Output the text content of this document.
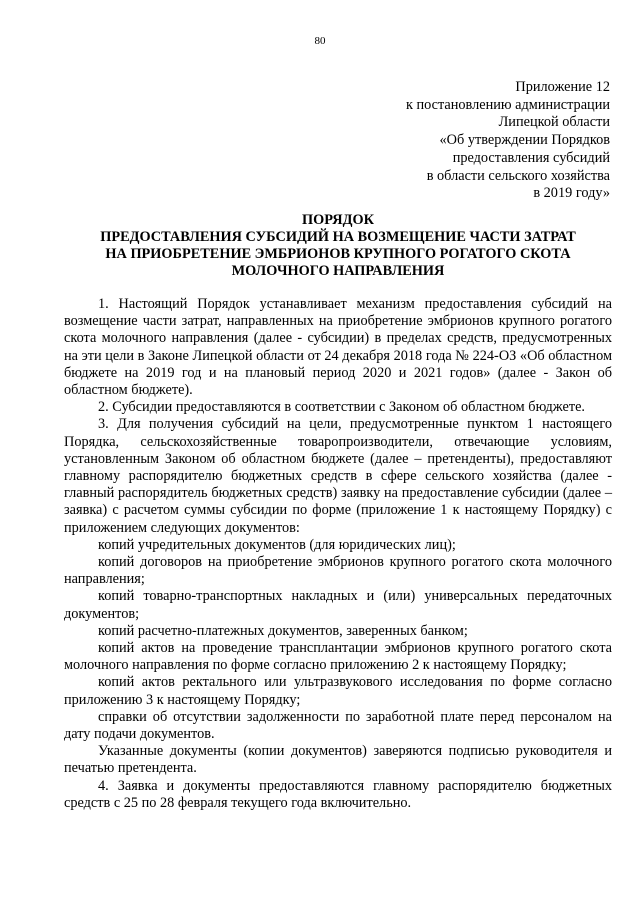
80
Приложение 12
к постановлению администрации
Липецкой области
«Об утверждении Порядков
предоставления субсидий
в области сельского хозяйства
в 2019 году»
ПОРЯДОК
ПРЕДОСТАВЛЕНИЯ СУБСИДИЙ НА ВОЗМЕЩЕНИЕ ЧАСТИ ЗАТРАТ
НА ПРИОБРЕТЕНИЕ ЭМБРИОНОВ КРУПНОГО РОГАТОГО СКОТА
МОЛОЧНОГО НАПРАВЛЕНИЯ

1. Настоящий Порядок устанавливает механизм предоставления субсидий на возмещение части затрат, направленных на приобретение эмбрионов крупного рогатого скота молочного направления (далее - субсидии) в пределах средств, предусмотренных на эти цели в Законе Липецкой области от 24 декабря 2018 года № 224-ОЗ «Об областном бюджете на 2019 год и на плановый период 2020 и 2021 годов» (далее - Закон об областном бюджете).

2. Субсидии предоставляются в соответствии с Законом об областном бюджете.

3. Для получения субсидий на цели, предусмотренные пунктом 1 настоящего Порядка, сельскохозяйственные товаропроизводители, отвечающие условиям, установленным Законом об областном бюджете (далее – претенденты), предоставляют главному распорядителю бюджетных средств в сфере сельского хозяйства (далее - главный распорядитель бюджетных средств) заявку на предоставление субсидии (далее – заявка) с расчетом суммы субсидии по форме (приложение 1 к настоящему Порядку) с приложением следующих документов:

копий учредительных документов (для юридических лиц);

копий договоров на приобретение эмбрионов крупного рогатого скота молочного направления;

копий товарно-транспортных накладных и (или) универсальных передаточных документов;

копий расчетно-платежных документов, заверенных банком;

копий актов на проведение трансплантации эмбрионов крупного рогатого скота молочного направления по форме согласно приложению 2 к настоящему Порядку;

копий актов ректального или ультразвукового исследования по форме согласно приложению 3 к настоящему Порядку;

справки об отсутствии задолженности по заработной плате перед персоналом на дату подачи документов.

Указанные документы (копии документов) заверяются подписью руководителя и печатью претендента.

4. Заявка и документы предоставляются главному распорядителю бюджетных средств с 25 по 28 февраля текущего года включительно.
